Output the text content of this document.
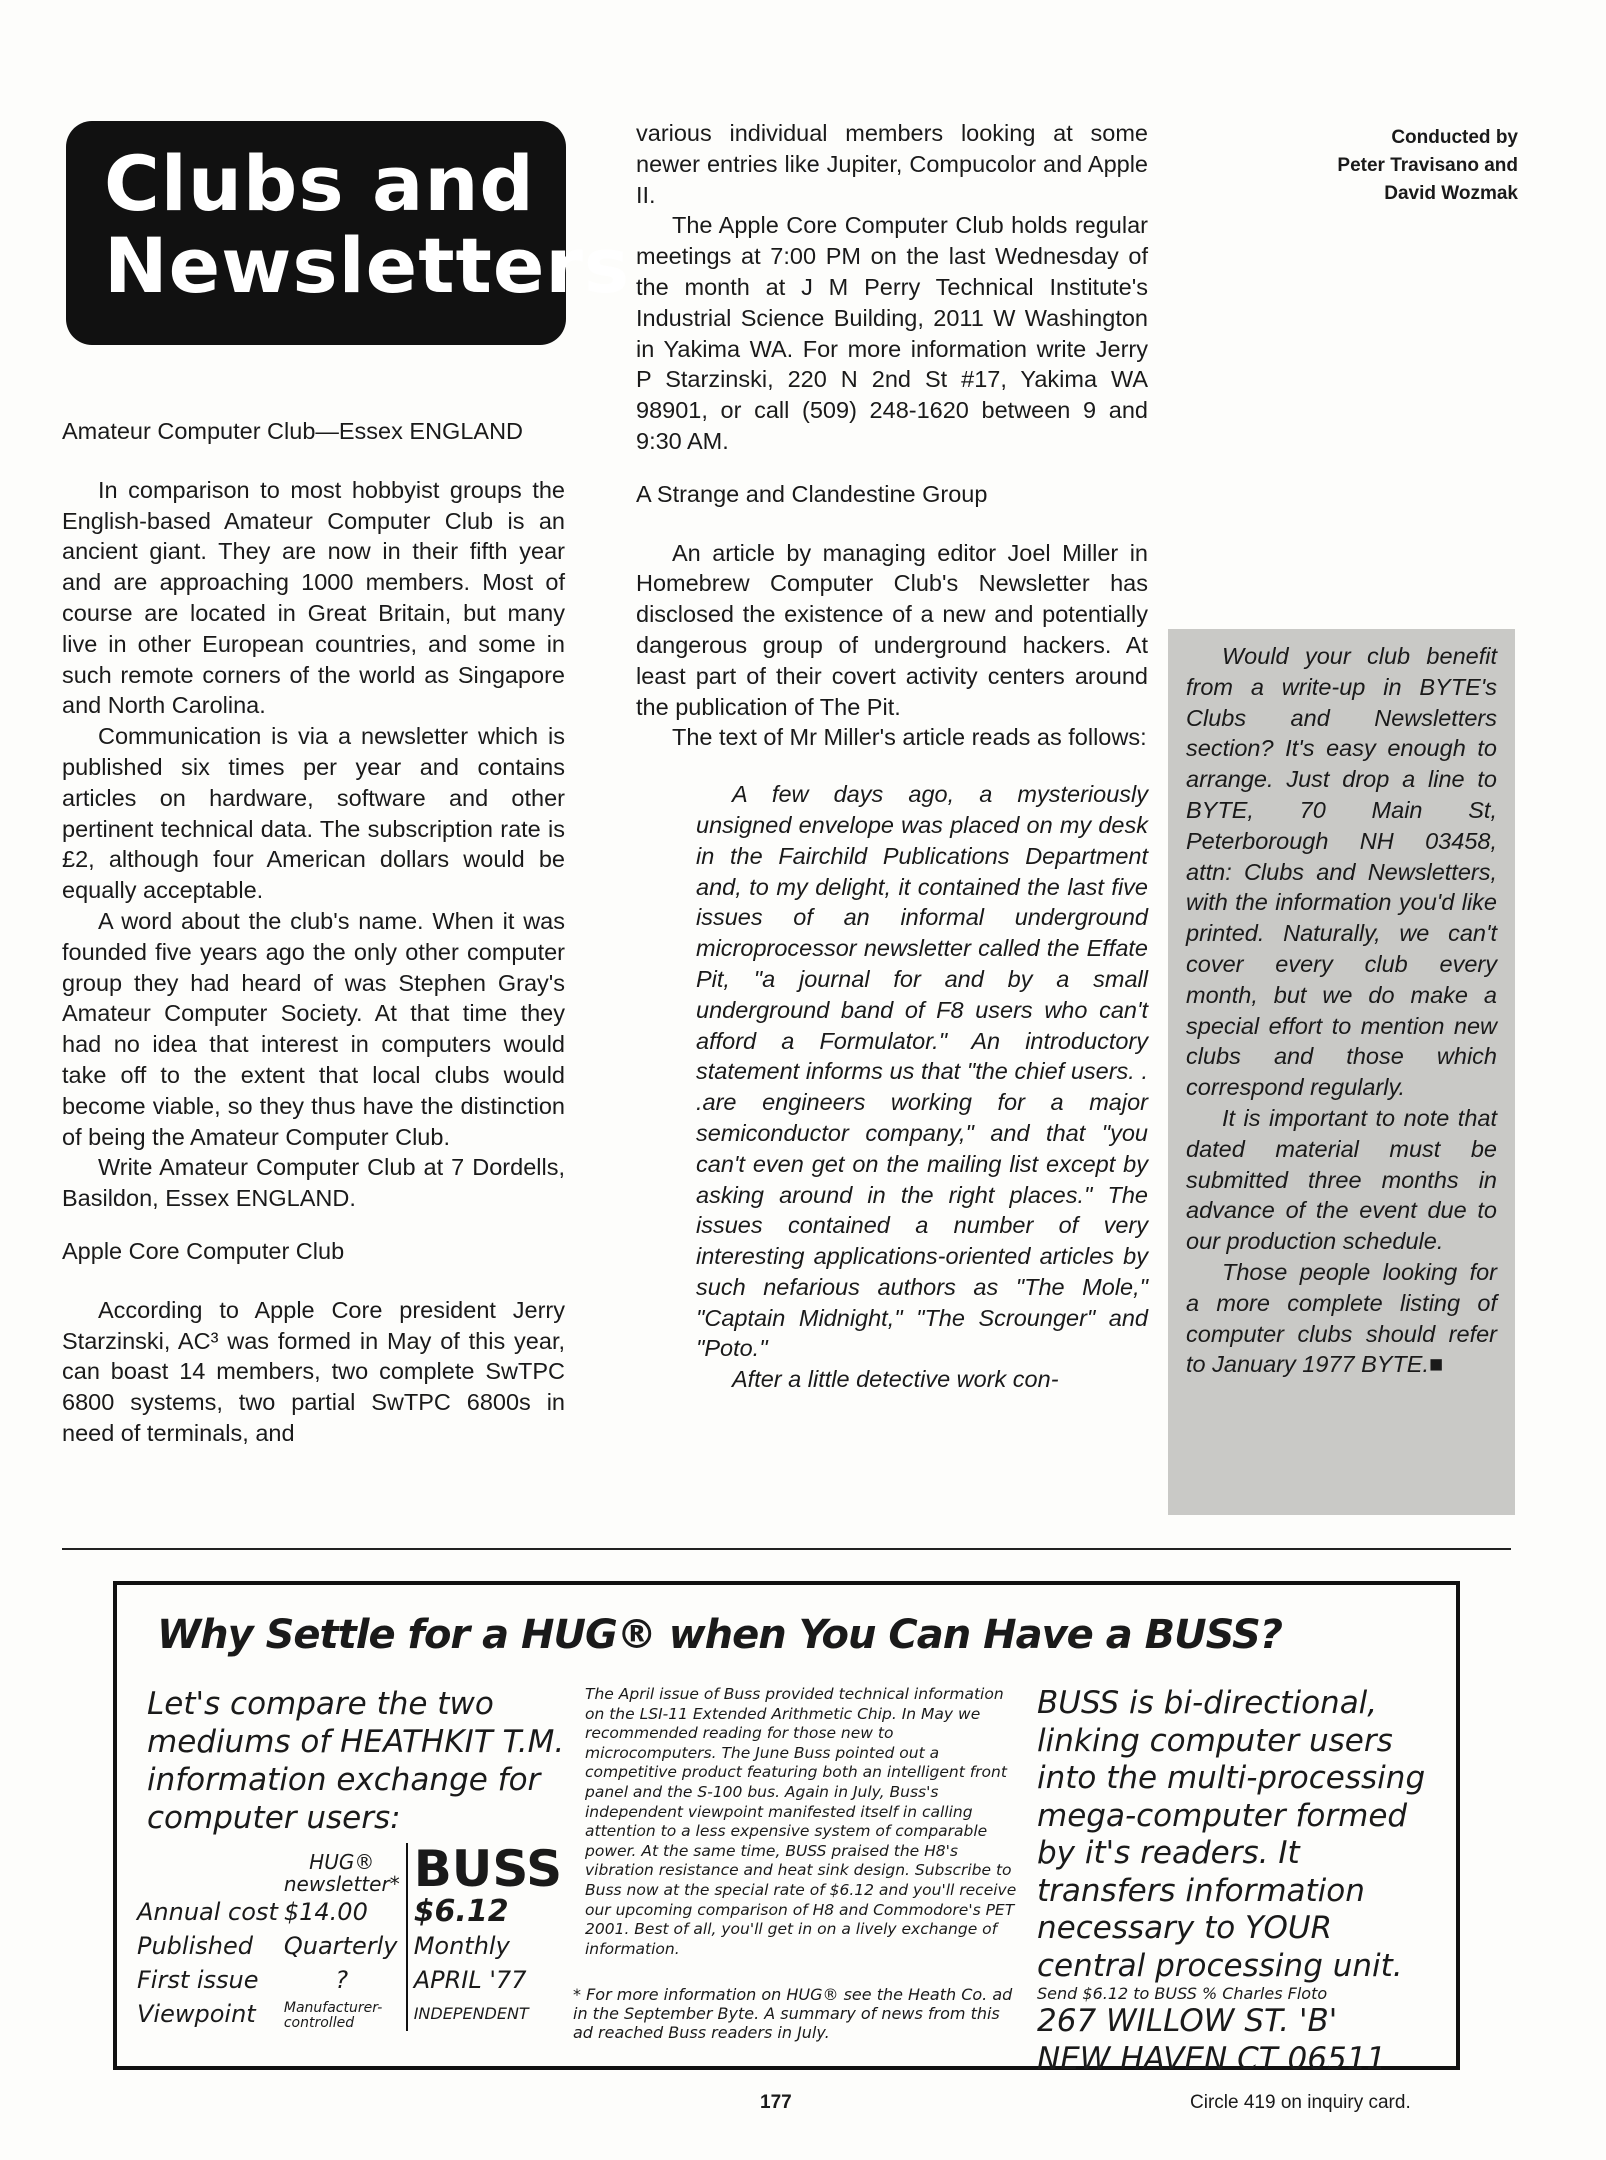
Clubs and
Newsletters
Conducted by
Peter Travisano and
David Wozmak
Amateur Computer Club—Essex ENGLAND

In comparison to most hobbyist groups the English-based Amateur Computer Club is an ancient giant. They are now in their fifth year and are approaching 1000 members. Most of course are located in Great Britain, but many live in other European countries, and some in such remote corners of the world as Singapore and North Carolina.

Communication is via a newsletter which is published six times per year and contains articles on hardware, software and other pertinent technical data. The subscription rate is £2, although four American dollars would be equally acceptable.

A word about the club's name. When it was founded five years ago the only other computer group they had heard of was Stephen Gray's Amateur Computer Society. At that time they had no idea that interest in computers would take off to the extent that local clubs would become viable, so they thus have the distinction of being the Amateur Computer Club.

Write Amateur Computer Club at 7 Dordells, Basildon, Essex ENGLAND.

Apple Core Computer Club

According to Apple Core president Jerry Starzinski, AC³ was formed in May of this year, can boast 14 members, two complete SwTPC 6800 systems, two partial SwTPC 6800s in need of terminals, and

various individual members looking at some newer entries like Jupiter, Compucolor and Apple II.

The Apple Core Computer Club holds regular meetings at 7:00 PM on the last Wednesday of the month at J M Perry Technical Institute's Industrial Science Building, 2011 W Washington in Yakima WA. For more information write Jerry P Starzinski, 220 N 2nd St #17, Yakima WA 98901, or call (509) 248-1620 between 9 and 9:30 AM.

A Strange and Clandestine Group

An article by managing editor Joel Miller in Homebrew Computer Club's Newsletter has disclosed the existence of a new and potentially dangerous group of underground hackers. At least part of their covert activity centers around the publication of The Pit.

The text of Mr Miller's article reads as follows:

A few days ago, a mysteriously unsigned envelope was placed on my desk in the Fairchild Publications Department and, to my delight, it contained the last five issues of an informal underground microprocessor newsletter called the Effate Pit, "a journal for and by a small underground band of F8 users who can't afford a Formulator." An introductory statement informs us that "the chief users. . .are engineers working for a major semiconductor company," and that "you can't even get on the mailing list except by asking around in the right places." The issues contained a number of very interesting applications-oriented articles by such nefarious authors as "The Mole," "Captain Midnight," "The Scrounger" and "Poto."

After a little detective work con-

Would your club benefit from a write-up in BYTE's Clubs and Newsletters section? It's easy enough to arrange. Just drop a line to BYTE, 70 Main St, Peterborough NH 03458, attn: Clubs and Newsletters, with the information you'd like printed. Naturally, we can't cover every club every month, but we do make a special effort to mention new clubs and those which correspond regularly.

It is important to note that dated material must be submitted three months in advance of the event due to our production schedule.

Those people looking for a more complete listing of computer clubs should refer to January 1977 BYTE.■

Why Settle for a HUG® when You Can Have a BUSS?
Let's compare the two mediums of HEATHKIT T.M. information exchange for computer users:
	HUG® newsletter*	BUSS
Annual cost	$14.00	$6.12
Published	Quarterly	Monthly
First issue	?	APRIL '77
Viewpoint	Manufacturer-controlled	INDEPENDENT
The April issue of Buss provided technical information on the LSI-11 Extended Arithmetic Chip. In May we recommended reading for those new to microcomputers. The June Buss pointed out a competitive product featuring both an intelligent front panel and the S-100 bus. Again in July, Buss's independent viewpoint manifested itself in calling attention to a less expensive system of comparable power. At the same time, BUSS praised the H8's vibration resistance and heat sink design. Subscribe to Buss now at the special rate of $6.12 and you'll receive our upcoming comparison of H8 and Commodore's PET 2001. Best of all, you'll get in on a lively exchange of information.
* For more information on HUG® see the Heath Co. ad in the September Byte. A summary of news from this ad reached Buss readers in July.
BUSS is bi-directional, linking computer users into the multi-processing mega-computer formed by it's readers. It transfers information necessary to YOUR central processing unit.
Send $6.12 to BUSS % Charles Floto
267 WILLOW ST. 'B'
NEW HAVEN CT 06511
177	Circle 419 on inquiry card.
